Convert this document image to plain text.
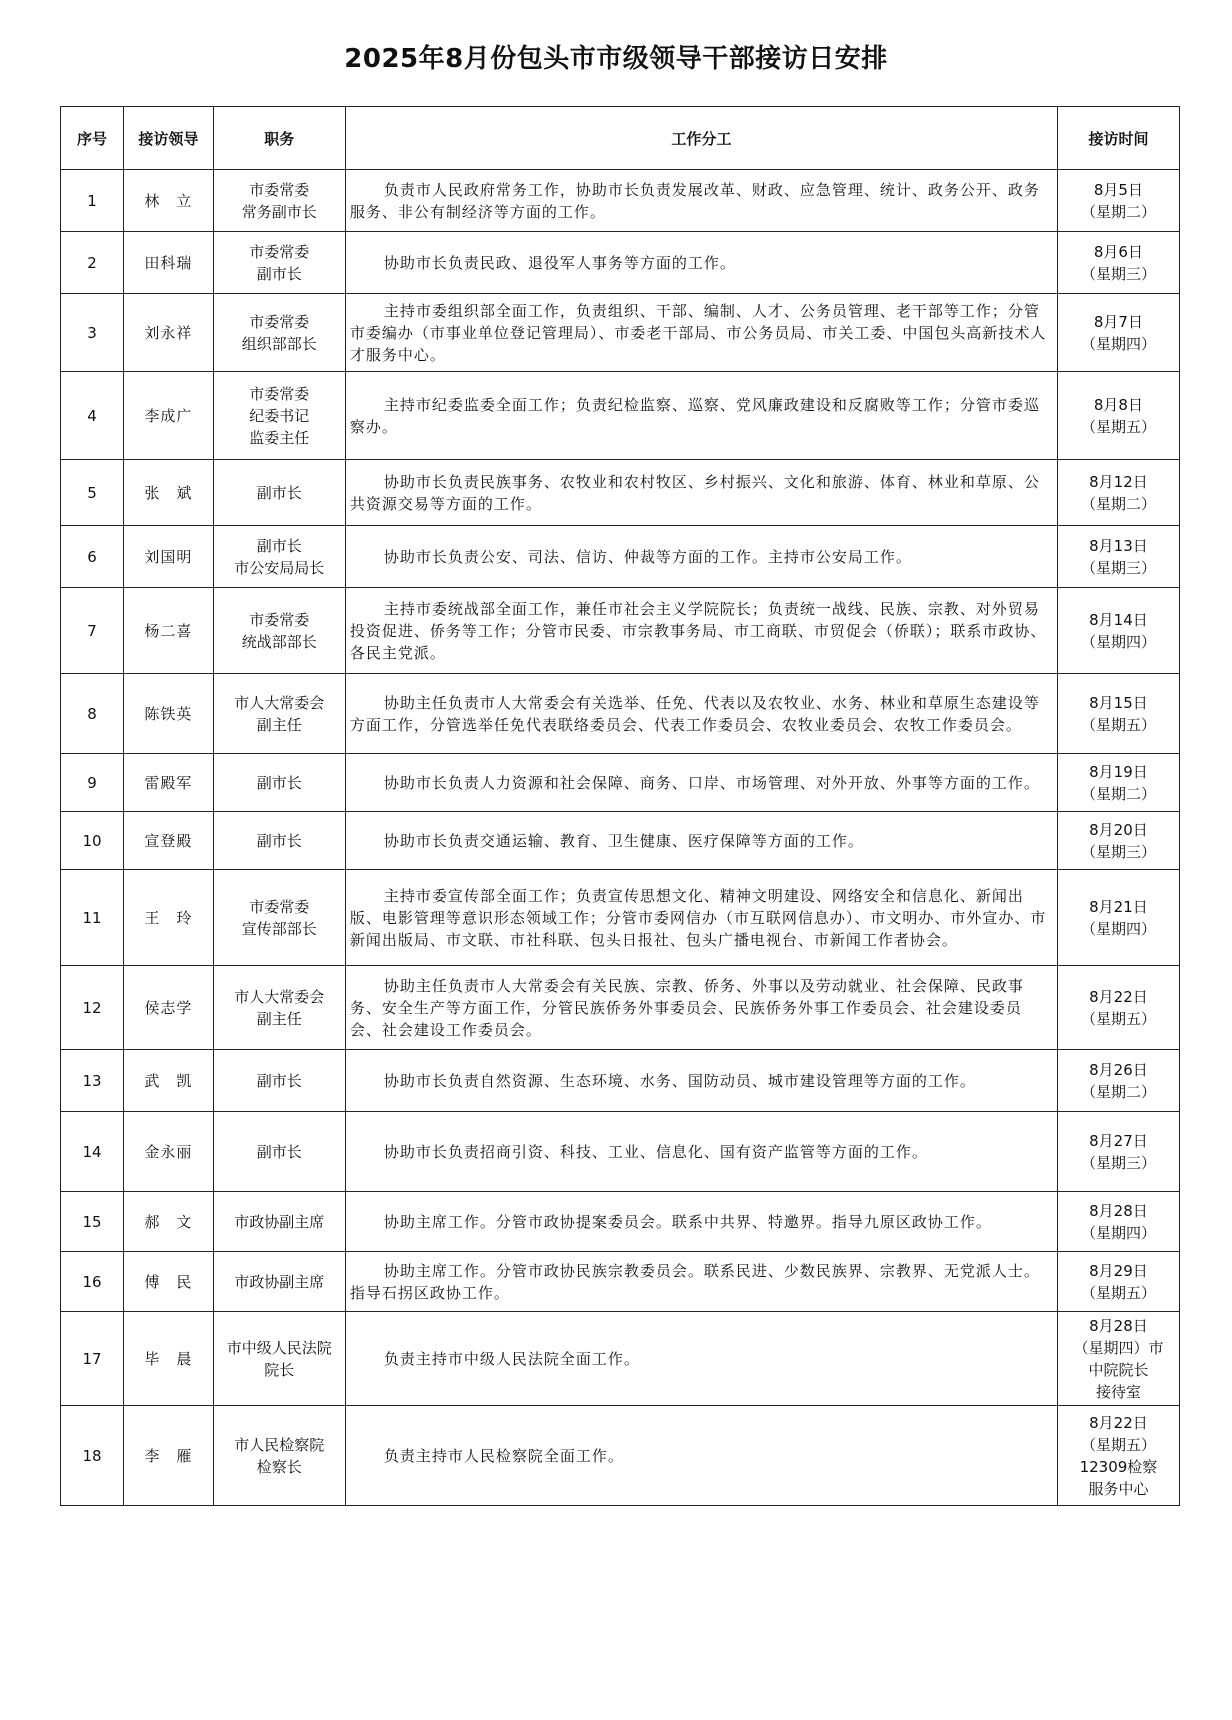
2025年8月份包头市市级领导干部接访日安排
序号	接访领导	职务	工作分工	接访时间
1	林　立	市委常委
常务副市长	负责市人民政府常务工作，协助市长负责发展改革、财政、应急管理、统计、政务公开、政务服务、非公有制经济等方面的工作。	8月5日
（星期二）

2	田科瑞	市委常委
副市长	协助市长负责民政、退役军人事务等方面的工作。	8月6日
（星期三）

3	刘永祥	市委常委
组织部部长	主持市委组织部全面工作，负责组织、干部、编制、人才、公务员管理、老干部等工作；分管市委编办（市事业单位登记管理局）、市委老干部局、市公务员局、市关工委、中国包头高新技术人才服务中心。	8月7日
（星期四）

4	李成广	市委常委
纪委书记
监委主任	主持市纪委监委全面工作；负责纪检监察、巡察、党风廉政建设和反腐败等工作；分管市委巡察办。	8月8日
（星期五）

5	张　斌	副市长	协助市长负责民族事务、农牧业和农村牧区、乡村振兴、文化和旅游、体育、林业和草原、公共资源交易等方面的工作。	8月12日
（星期二）

6	刘国明	副市长
市公安局局长	协助市长负责公安、司法、信访、仲裁等方面的工作。主持市公安局工作。	8月13日
（星期三）

7	杨二喜	市委常委
统战部部长	主持市委统战部全面工作，兼任市社会主义学院院长；负责统一战线、民族、宗教、对外贸易投资促进、侨务等工作；分管市民委、市宗教事务局、市工商联、市贸促会（侨联）；联系市政协、各民主党派。	8月14日
（星期四）

8	陈铁英	市人大常委会
副主任	协助主任负责市人大常委会有关选举、任免、代表以及农牧业、水务、林业和草原生态建设等方面工作，分管选举任免代表联络委员会、代表工作委员会、农牧业委员会、农牧工作委员会。	8月15日
（星期五）

9	雷殿军	副市长	协助市长负责人力资源和社会保障、商务、口岸、市场管理、对外开放、外事等方面的工作。	8月19日
（星期二）

10	宣登殿	副市长	协助市长负责交通运输、教育、卫生健康、医疗保障等方面的工作。	8月20日
（星期三）

11	王　玲	市委常委
宣传部部长	主持市委宣传部全面工作；负责宣传思想文化、精神文明建设、网络安全和信息化、新闻出版、电影管理等意识形态领域工作；分管市委网信办（市互联网信息办）、市文明办、市外宣办、市新闻出版局、市文联、市社科联、包头日报社、包头广播电视台、市新闻工作者协会。	8月21日
（星期四）

12	侯志学	市人大常委会
副主任	协助主任负责市人大常委会有关民族、宗教、侨务、外事以及劳动就业、社会保障、民政事务、安全生产等方面工作，分管民族侨务外事委员会、民族侨务外事工作委员会、社会建设委员会、社会建设工作委员会。	8月22日
（星期五）

13	武　凯	副市长	协助市长负责自然资源、生态环境、水务、国防动员、城市建设管理等方面的工作。	8月26日
（星期二）

14	金永丽	副市长	协助市长负责招商引资、科技、工业、信息化、国有资产监管等方面的工作。	8月27日
（星期三）

15	郝　文	市政协副主席	协助主席工作。分管市政协提案委员会。联系中共界、特邀界。指导九原区政协工作。	8月28日
（星期四）

16	傅　民	市政协副主席	协助主席工作。分管市政协民族宗教委员会。联系民进、少数民族界、宗教界、无党派人士。指导石拐区政协工作。	8月29日
（星期五）

17	毕　晨	市中级人民法院
院长	负责主持市中级人民法院全面工作。	8月28日
（星期四）市
中院院长
接待室

18	李　雁	市人民检察院
检察长	负责主持市人民检察院全面工作。	8月22日
（星期五）
12309检察
服务中心
